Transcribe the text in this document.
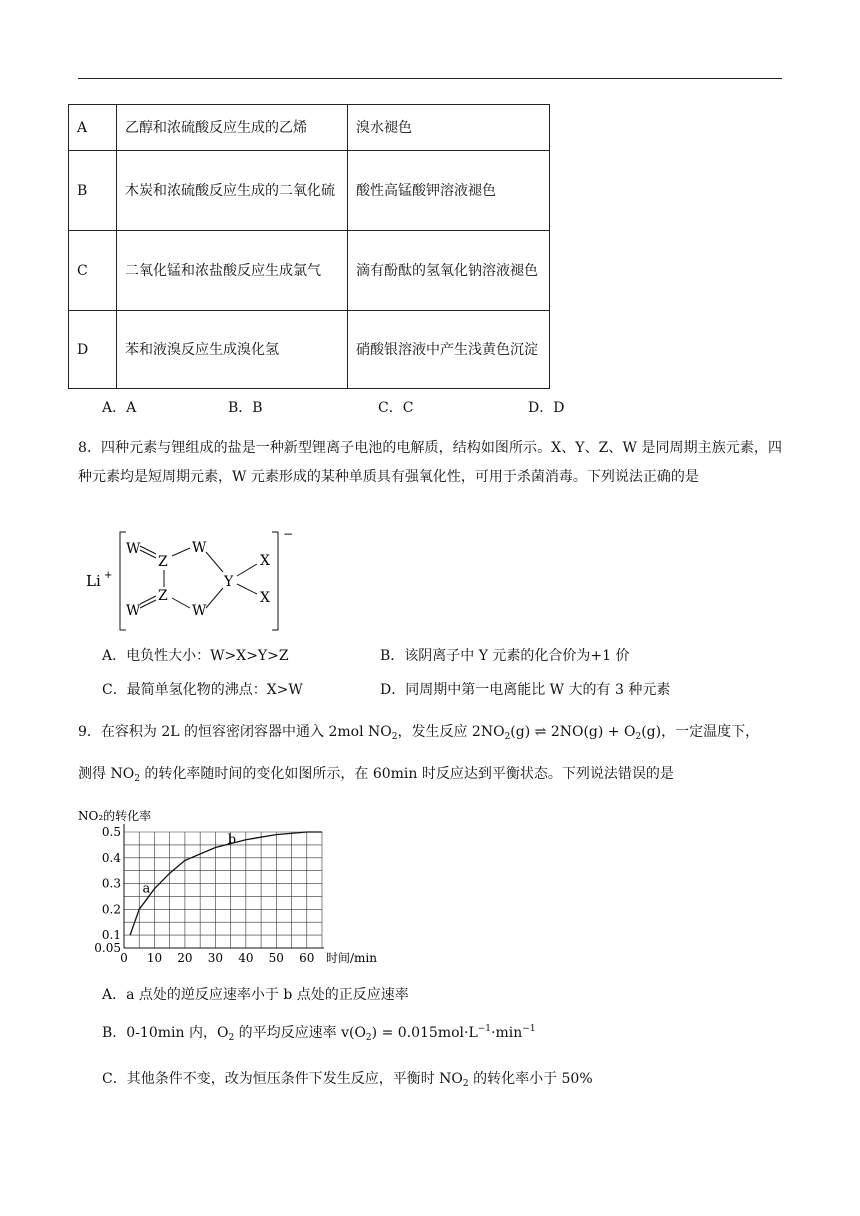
A	乙醇和浓硫酸反应生成的乙烯	溴水褪色
B	木炭和浓硫酸反应生成的二氧化硫	酸性高锰酸钾溶液褪色
C	二氧化锰和浓盐酸反应生成氯气	滴有酚酞的氢氧化钠溶液褪色
D	苯和液溴反应生成溴化氢	硝酸银溶液中产生浅黄色沉淀
A．A	B．B	C．C	D．D
8．四种元素与锂组成的盐是一种新型锂离子电池的电解质，结构如图所示。X、Y、Z、W 是同周期主族元素，四种元素均是短周期元素，W 元素形成的某种单质具有强氧化性，可用于杀菌消毒。下列说法正确的是
Li +
−
W
Z
W
Y
X
X
W
Z
W
A．电负性大小：W>X>Y>Z	B．该阴离子中 Y 元素的化合价为+1 价
C．最简单氢化物的沸点：X>W	D．同周期中第一电离能比 W 大的有 3 种元素
9．在容积为 2L 的恒容密闭容器中通入 2mol $NO_2$，发生反应 $2NO_2(g)$ ⇌ $2NO(g) + O_2(g)$，一定温度下，
测得 $NO_2$ 的转化率随时间的变化如图所示，在 60min 时反应达到平衡状态。下列说法错误的是
0 10 20 30 40 50 60
0.05
0.1
0.2
0.3
0.4
0.5
时间/min
NO₂的转化率
a
b
A．a 点处的逆反应速率小于 b 点处的正反应速率
B．0-10min 内，$O_2$ 的平均反应速率 $v(O_2) = 0.015mol\cdot L^{-1}\cdot\min^{-1}$
C．其他条件不变，改为恒压条件下发生反应，平衡时 $NO_2$ 的转化率小于 50%
